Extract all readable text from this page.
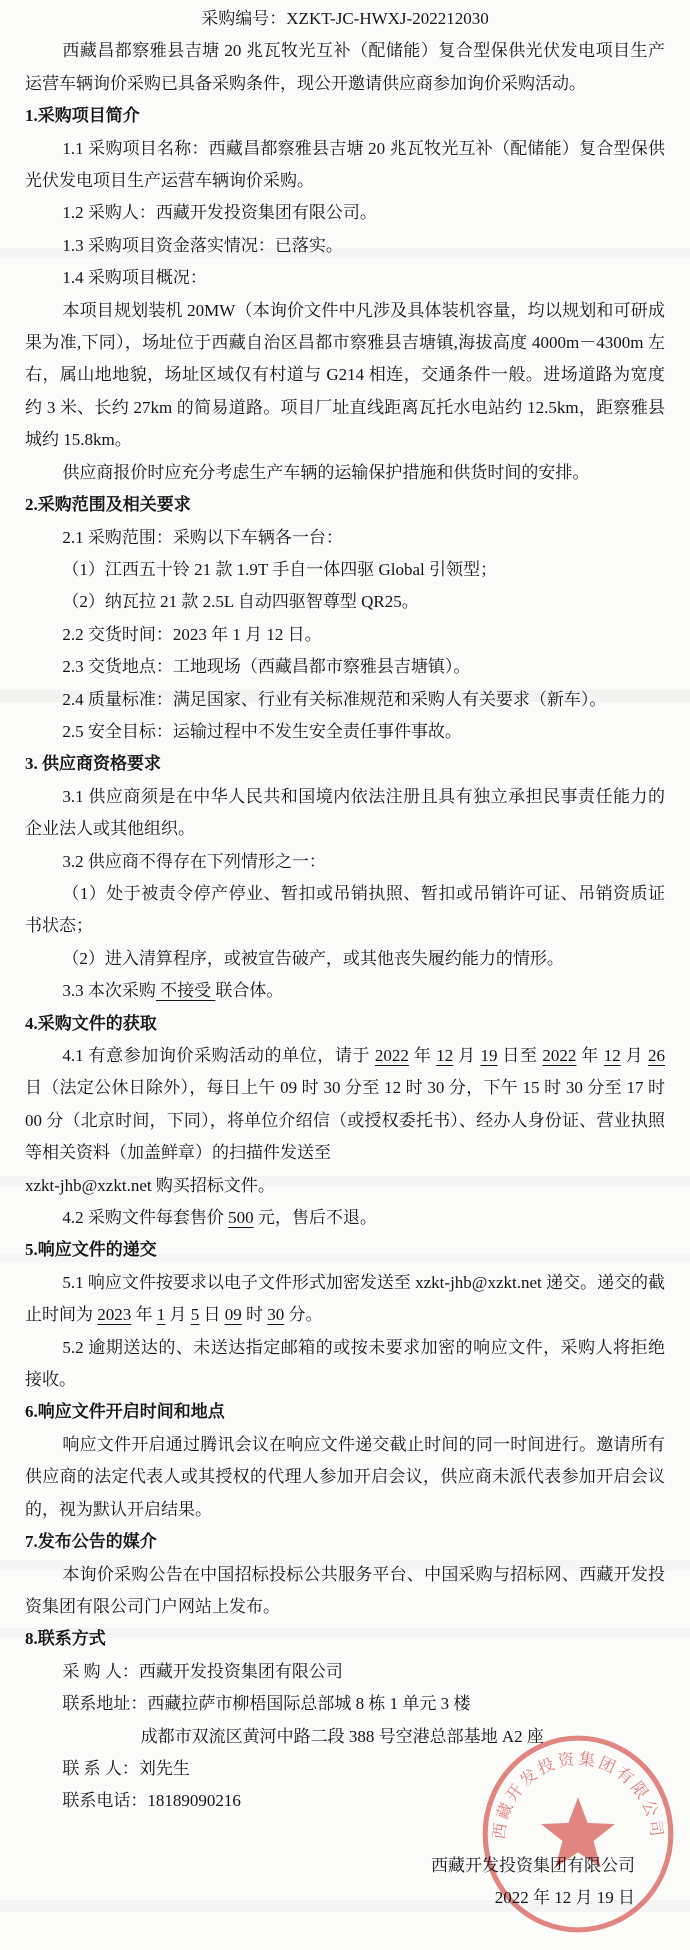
采购编号：XZKT-JC-HWXJ-202212030
西藏昌都察雅县吉塘 20 兆瓦牧光互补（配储能）复合型保供光伏发电项目生产运营车辆询价采购已具备采购条件，现公开邀请供应商参加询价采购活动。
1.采购项目简介
1.1 采购项目名称：西藏昌都察雅县吉塘 20 兆瓦牧光互补（配储能）复合型保供光伏发电项目生产运营车辆询价采购。
1.2 采购人：西藏开发投资集团有限公司。
1.3 采购项目资金落实情况：已落实。
1.4 采购项目概况：
本项目规划装机 20MW（本询价文件中凡涉及具体装机容量，均以规划和可研成果为准,下同），场址位于西藏自治区昌都市察雅县吉塘镇,海拔高度 4000m－4300m 左右，属山地地貌，场址区域仅有村道与 G214 相连，交通条件一般。进场道路为宽度约 3 米、长约 27km 的简易道路。项目厂址直线距离瓦托水电站约 12.5km，距察雅县城约 15.8km。
供应商报价时应充分考虑生产车辆的运输保护措施和供货时间的安排。
2.采购范围及相关要求
2.1 采购范围：采购以下车辆各一台：
（1）江西五十铃 21 款 1.9T 手自一体四驱 Global 引领型；
（2）纳瓦拉 21 款 2.5L 自动四驱智尊型 QR25。
2.2 交货时间：2023 年 1 月 12 日。
2.3 交货地点：工地现场（西藏昌都市察雅县吉塘镇）。
2.4 质量标准：满足国家、行业有关标准规范和采购人有关要求（新车）。
2.5 安全目标：运输过程中不发生安全责任事件事故。
3. 供应商资格要求
3.1 供应商须是在中华人民共和国境内依法注册且具有独立承担民事责任能力的企业法人或其他组织。
3.2 供应商不得存在下列情形之一：
（1）处于被责令停产停业、暂扣或吊销执照、暂扣或吊销许可证、吊销资质证书状态；
（2）进入清算程序，或被宣告破产，或其他丧失履约能力的情形。
3.3 本次采购 不接受 联合体。
4.采购文件的获取
4.1 有意参加询价采购活动的单位，请于 2022 年 12 月 19 日至 2022 年 12 月 26 日（法定公休日除外），每日上午 09 时 30 分至 12 时 30 分，下午 15 时 30 分至 17 时 00 分（北京时间，下同），将单位介绍信（或授权委托书）、经办人身份证、营业执照等相关资料（加盖鲜章）的扫描件发送至
xzkt-jhb@xzkt.net 购买招标文件。
4.2 采购文件每套售价 500 元，售后不退。
5.响应文件的递交
5.1 响应文件按要求以电子文件形式加密发送至 xzkt-jhb@xzkt.net 递交。递交的截止时间为 2023 年 1 月 5 日 09 时 30 分。
5.2 逾期送达的、未送达指定邮箱的或按未要求加密的响应文件，采购人将拒绝接收。
6.响应文件开启时间和地点
响应文件开启通过腾讯会议在响应文件递交截止时间的同一时间进行。邀请所有供应商的法定代表人或其授权的代理人参加开启会议，供应商未派代表参加开启会议的，视为默认开启结果。
7.发布公告的媒介
本询价采购公告在中国招标投标公共服务平台、中国采购与招标网、西藏开发投资集团有限公司门户网站上发布。
8.联系方式
采 购 人：西藏开发投资集团有限公司
联系地址：西藏拉萨市柳梧国际总部城 8 栋 1 单元 3 楼
成都市双流区黄河中路二段 388 号空港总部基地 A2 座
联 系 人：刘先生
联系电话：18189090216
西藏开发投资集团有限公司
2022 年 12 月 19 日
西藏开发投资集团有限公司
